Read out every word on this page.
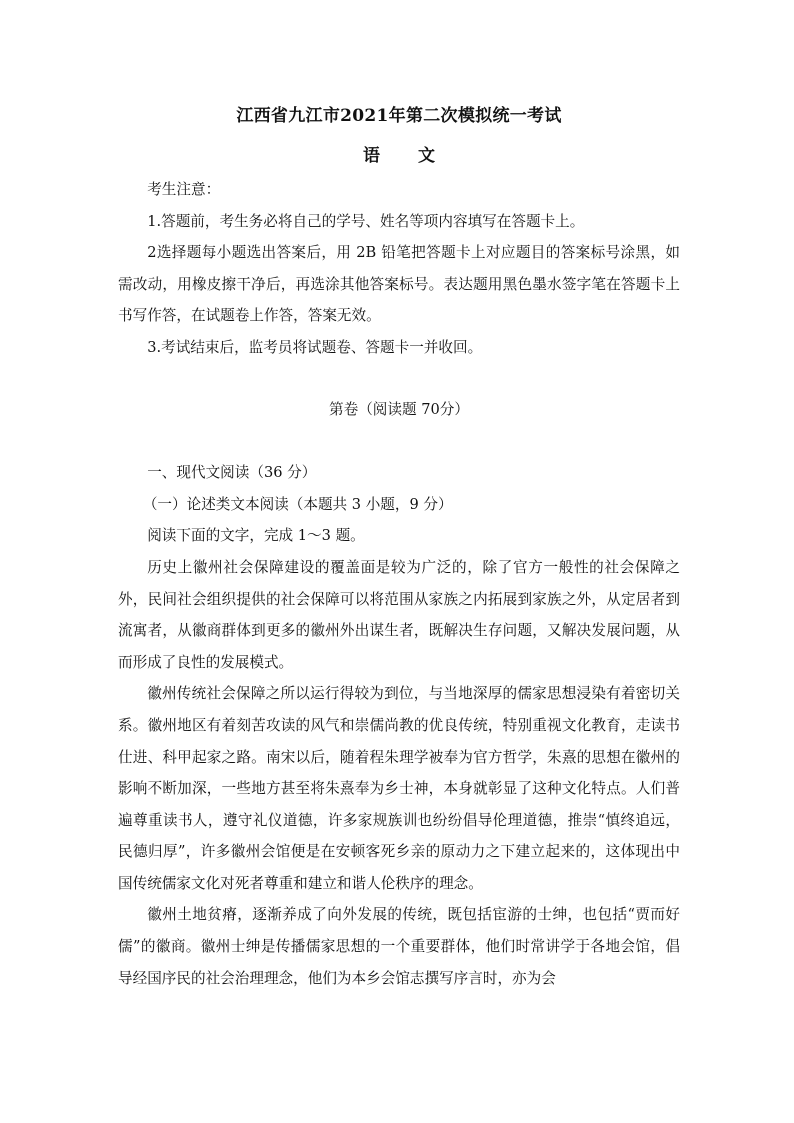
江西省九江市2021年第二次模拟统一考试
语文

考生注意：

1.答题前，考生务必将自己的学号、姓名等项内容填写在答题卡上。

2选择题每小题选出答案后，用 2B 铅笔把答题卡上对应题目的答案标号涂黑，如需改动，用橡皮擦干净后，再选涂其他答案标号。表达题用黑色墨水签字笔在答题卡上书写作答，在试题卷上作答，答案无效。

3.考试结束后，监考员将试题卷、答题卡一并收回。

第卷（阅读题 70分）

一、现代文阅读（36 分）

（一）论述类文本阅读（本题共 3 小题，9 分）

阅读下面的文字，完成 1～3 题。

历史上徽州社会保障建设的覆盖面是较为广泛的，除了官方一般性的社会保障之外，民间社会组织提供的社会保障可以将范围从家族之内拓展到家族之外，从定居者到流寓者，从徽商群体到更多的徽州外出谋生者，既解决生存问题，又解决发展问题，从而形成了良性的发展模式。

徽州传统社会保障之所以运行得较为到位，与当地深厚的儒家思想浸染有着密切关系。徽州地区有着刻苦攻读的风气和崇儒尚教的优良传统，特别重视文化教育，走读书仕进、科甲起家之路。南宋以后，随着程朱理学被奉为官方哲学，朱熹的思想在徽州的影响不断加深，一些地方甚至将朱熹奉为乡士神，本身就彰显了这种文化特点。人们普遍尊重读书人，遵守礼仪道德，许多家规族训也纷纷倡导伦理道德，推崇“慎终追远，民德归厚”，许多徽州会馆便是在安顿客死乡亲的原动力之下建立起来的，这体现出中国传统儒家文化对死者尊重和建立和谐人伦秩序的理念。

徽州土地贫瘠，逐渐养成了向外发展的传统，既包括宦游的士绅，也包括“贾而好儒”的徽商。徽州士绅是传播儒家思想的一个重要群体，他们时常讲学于各地会馆，倡导经国序民的社会治理理念，他们为本乡会馆志撰写序言时，亦为会
